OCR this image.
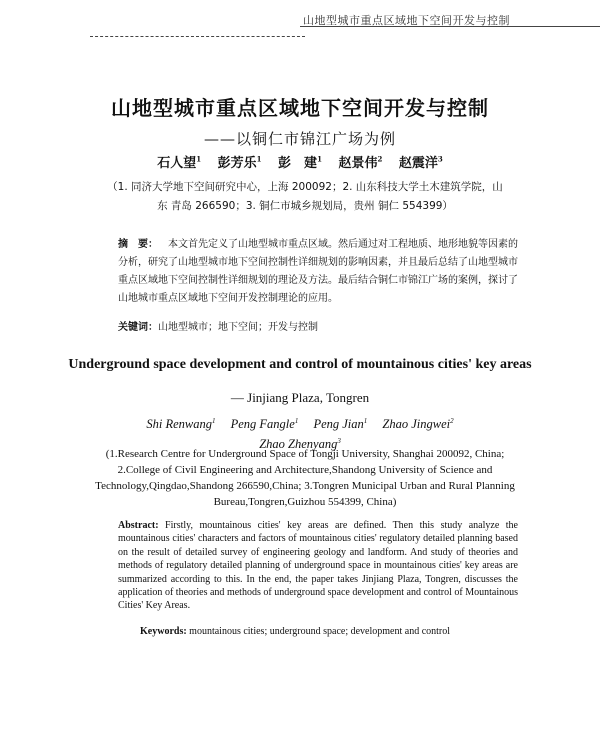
山地型城市重点区域地下空间开发与控制
山地型城市重点区域地下空间开发与控制
——以铜仁市锦江广场为例
石人望$^1$ 彭芳乐$^1$ 彭　建$^1$ 赵景伟$^2$ 赵震洋$^3$
（1. 同济大学地下空间研究中心，上海 200092；2. 山东科技大学土木建筑学院，山
东 青岛 266590；3. 铜仁市城乡规划局，贵州 铜仁 554399）
摘　要： 本文首先定义了山地型城市重点区域。然后通过对工程地质、地形地貌等因素的分析，研究了山地型城市地下空间控制性详细规划的影响因素，并且最后总结了山地型城市重点区域地下空间控制性详细规划的理论及方法。最后结合铜仁市锦江广场的案例，探讨了山地城市重点区域地下空间开发控制理论的应用。
关键词：山地型城市；地下空间；开发与控制
Underground space development and control of mountainous cities' key areas
— Jinjiang Plaza, Tongren
Shi Renwang$^1$ Peng Fangle$^1$ Peng Jian$^1$ Zhao Jingwei$^2$
Zhao Zhenyang$^3$
(1.Research Centre for Underground Space of Tongji University, Shanghai 200092, China; 2.College of Civil Engineering and Architecture,Shandong University of Science and Technology,Qingdao,Shandong 266590,China; 3.Tongren Municipal Urban and Rural Planning Bureau,Tongren,Guizhou 554399, China)
Abstract: Firstly, mountainous cities' key areas are defined. Then this study analyze the mountainous cities' characters and factors of mountainous cities' regulatory detailed planning based on the result of detailed survey of engineering geology and landform. And study of theories and methods of regulatory detailed planning of underground space in mountainous cities' key areas are summarized according to this. In the end, the paper takes Jinjiang Plaza, Tongren, discusses the application of theories and methods of underground space development and control of Mountainous Cities' Key Areas.
Keywords: mountainous cities; underground space; development and control
